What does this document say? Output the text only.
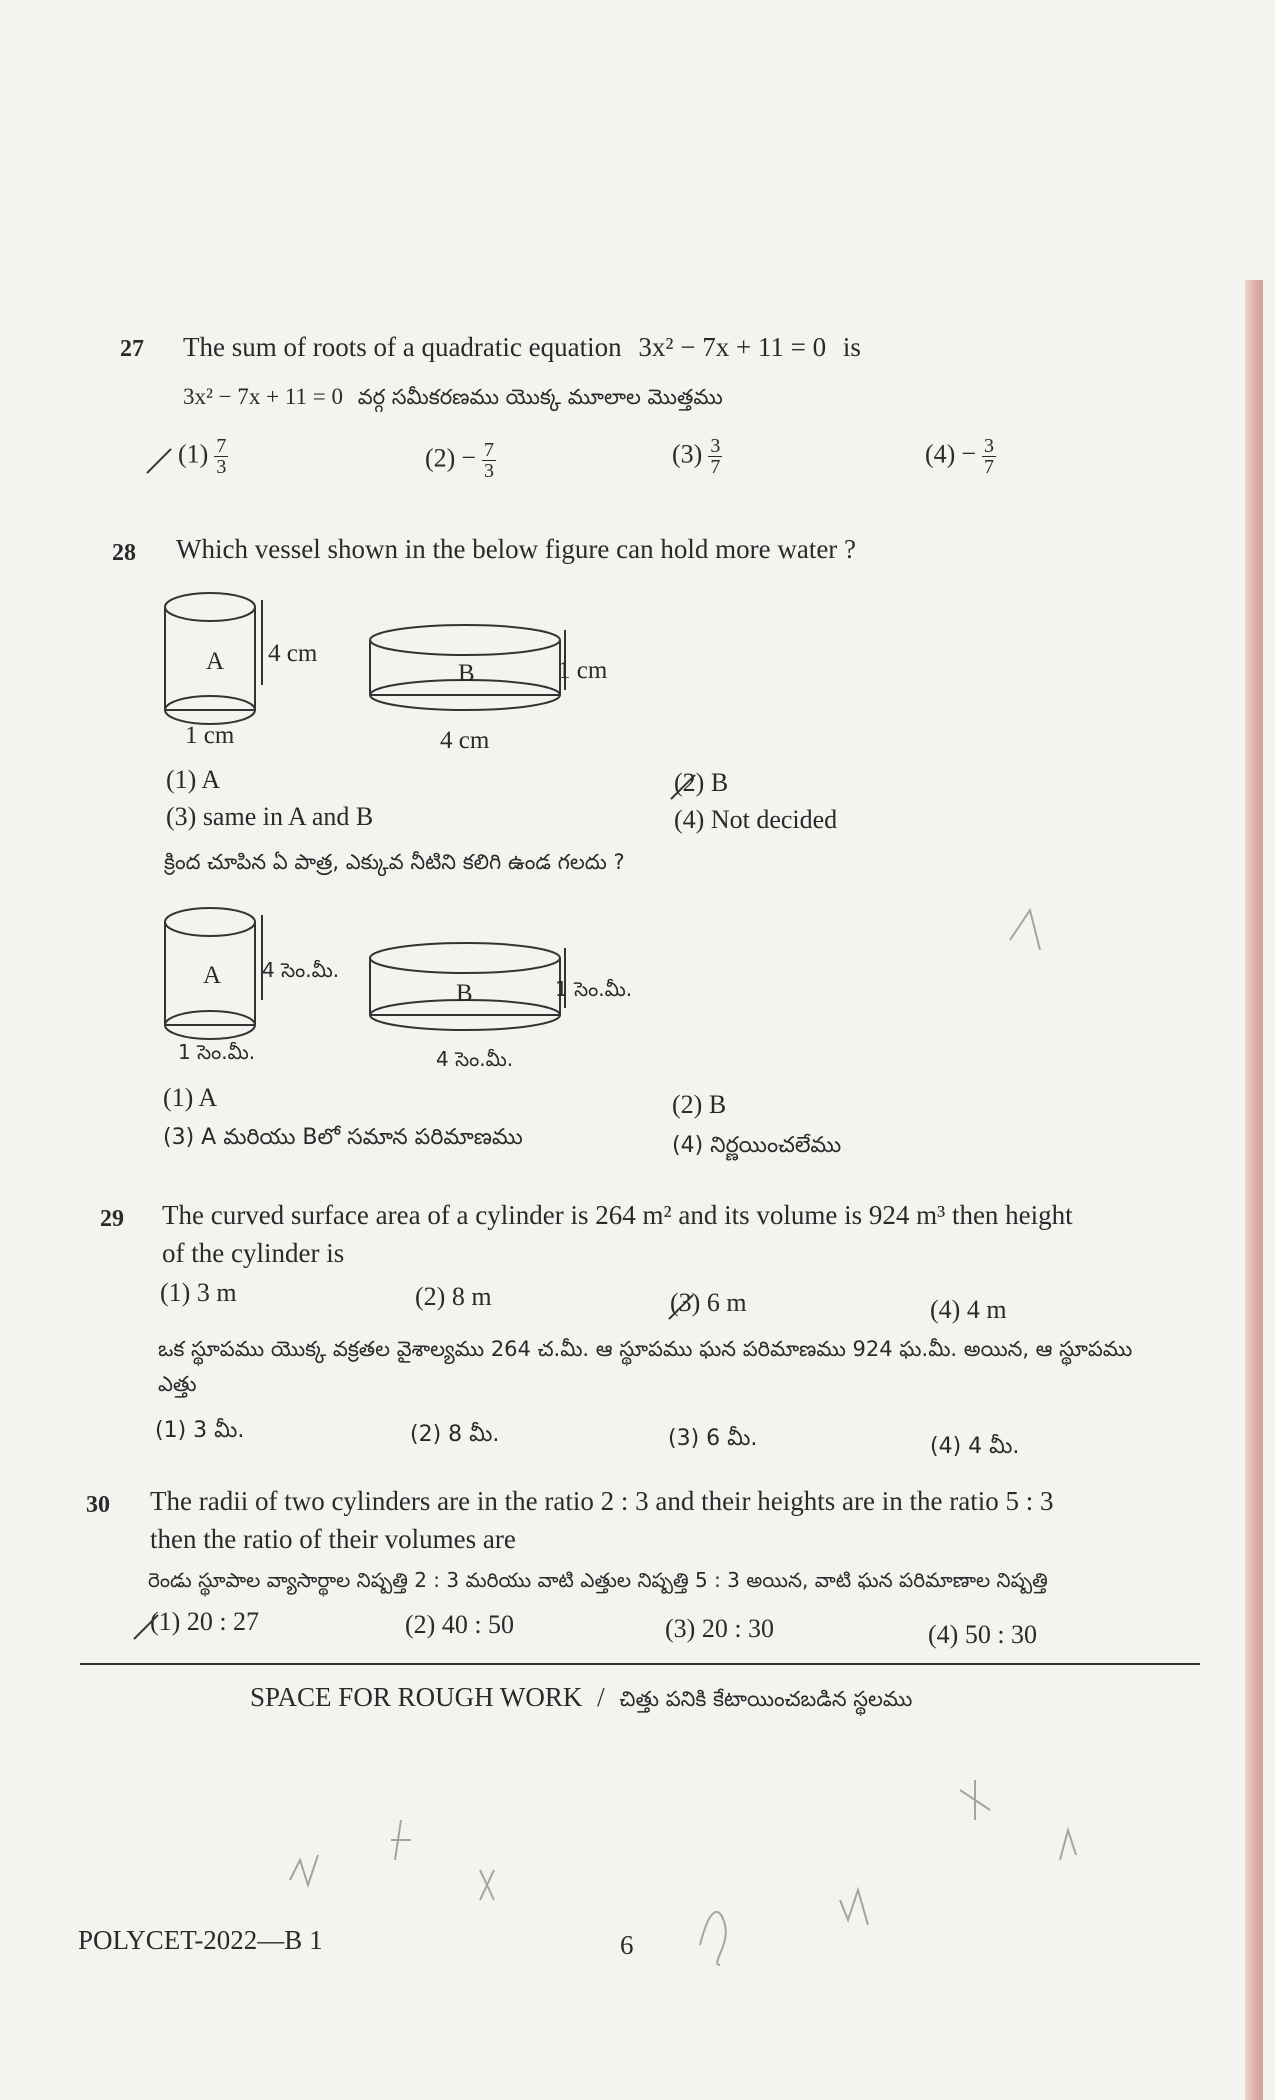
27 The sum of roots of a quadratic equation 3x² − 7x + 11 = 0 is
3x² − 7x + 11 = 0 వర్గ సమీకరణము యొక్క మూలాల మొత్తము
$(1) \frac{7}{3}$	$(2) - \frac{7}{3}$	$(3) \frac{3}{7}$	$(4) - \frac{3}{7}$
28 Which vessel shown in the below figure can hold more water ?
A 4 cm
1 cm
B	1 cm
4 cm
(1) A	(2) B
(3) same in A and B	(4) Not decided
క్రింద చూపిన ఏ పాత్ర, ఎక్కువ నీటిని కలిగి ఉండ గలదు ?
A 4 సెం.మీ.
1 సెం.మీ.
B	1 సెం.మీ.
4 సెం.మీ.
(1) A	(2) B
(3) A మరియు Bలో సమాన పరిమాణము	(4) నిర్ణయించలేము
29 The curved surface area of a cylinder is 264 m² and its volume is 924 m³ then height
of the cylinder is
(1) 3 m	(2) 8 m	(3) 6 m	(4) 4 m
ఒక స్థూపము యొక్క వక్రతల వైశాల్యము 264 చ.మీ. ఆ స్థూపము ఘన పరిమాణము 924 ఘ.మీ. అయిన, ఆ స్థూపము
ఎత్తు
(1) 3 మీ.	(2) 8 మీ.	(3) 6 మీ.	(4) 4 మీ.
30 The radii of two cylinders are in the ratio 2 : 3 and their heights are in the ratio 5 : 3
then the ratio of their volumes are
రెండు స్థూపాల వ్యాసార్థాల నిష్పత్తి 2 : 3 మరియు వాటి ఎత్తుల నిష్పత్తి 5 : 3 అయిన, వాటి ఘన పరిమాణాల నిష్పత్తి
(1) 20 : 27	(2) 40 : 50	(3) 20 : 30	(4) 50 : 30
SPACE FOR ROUGH WORK / చిత్తు పనికి కేటాయించబడిన స్థలము
POLYCET-2022—B 1	6
